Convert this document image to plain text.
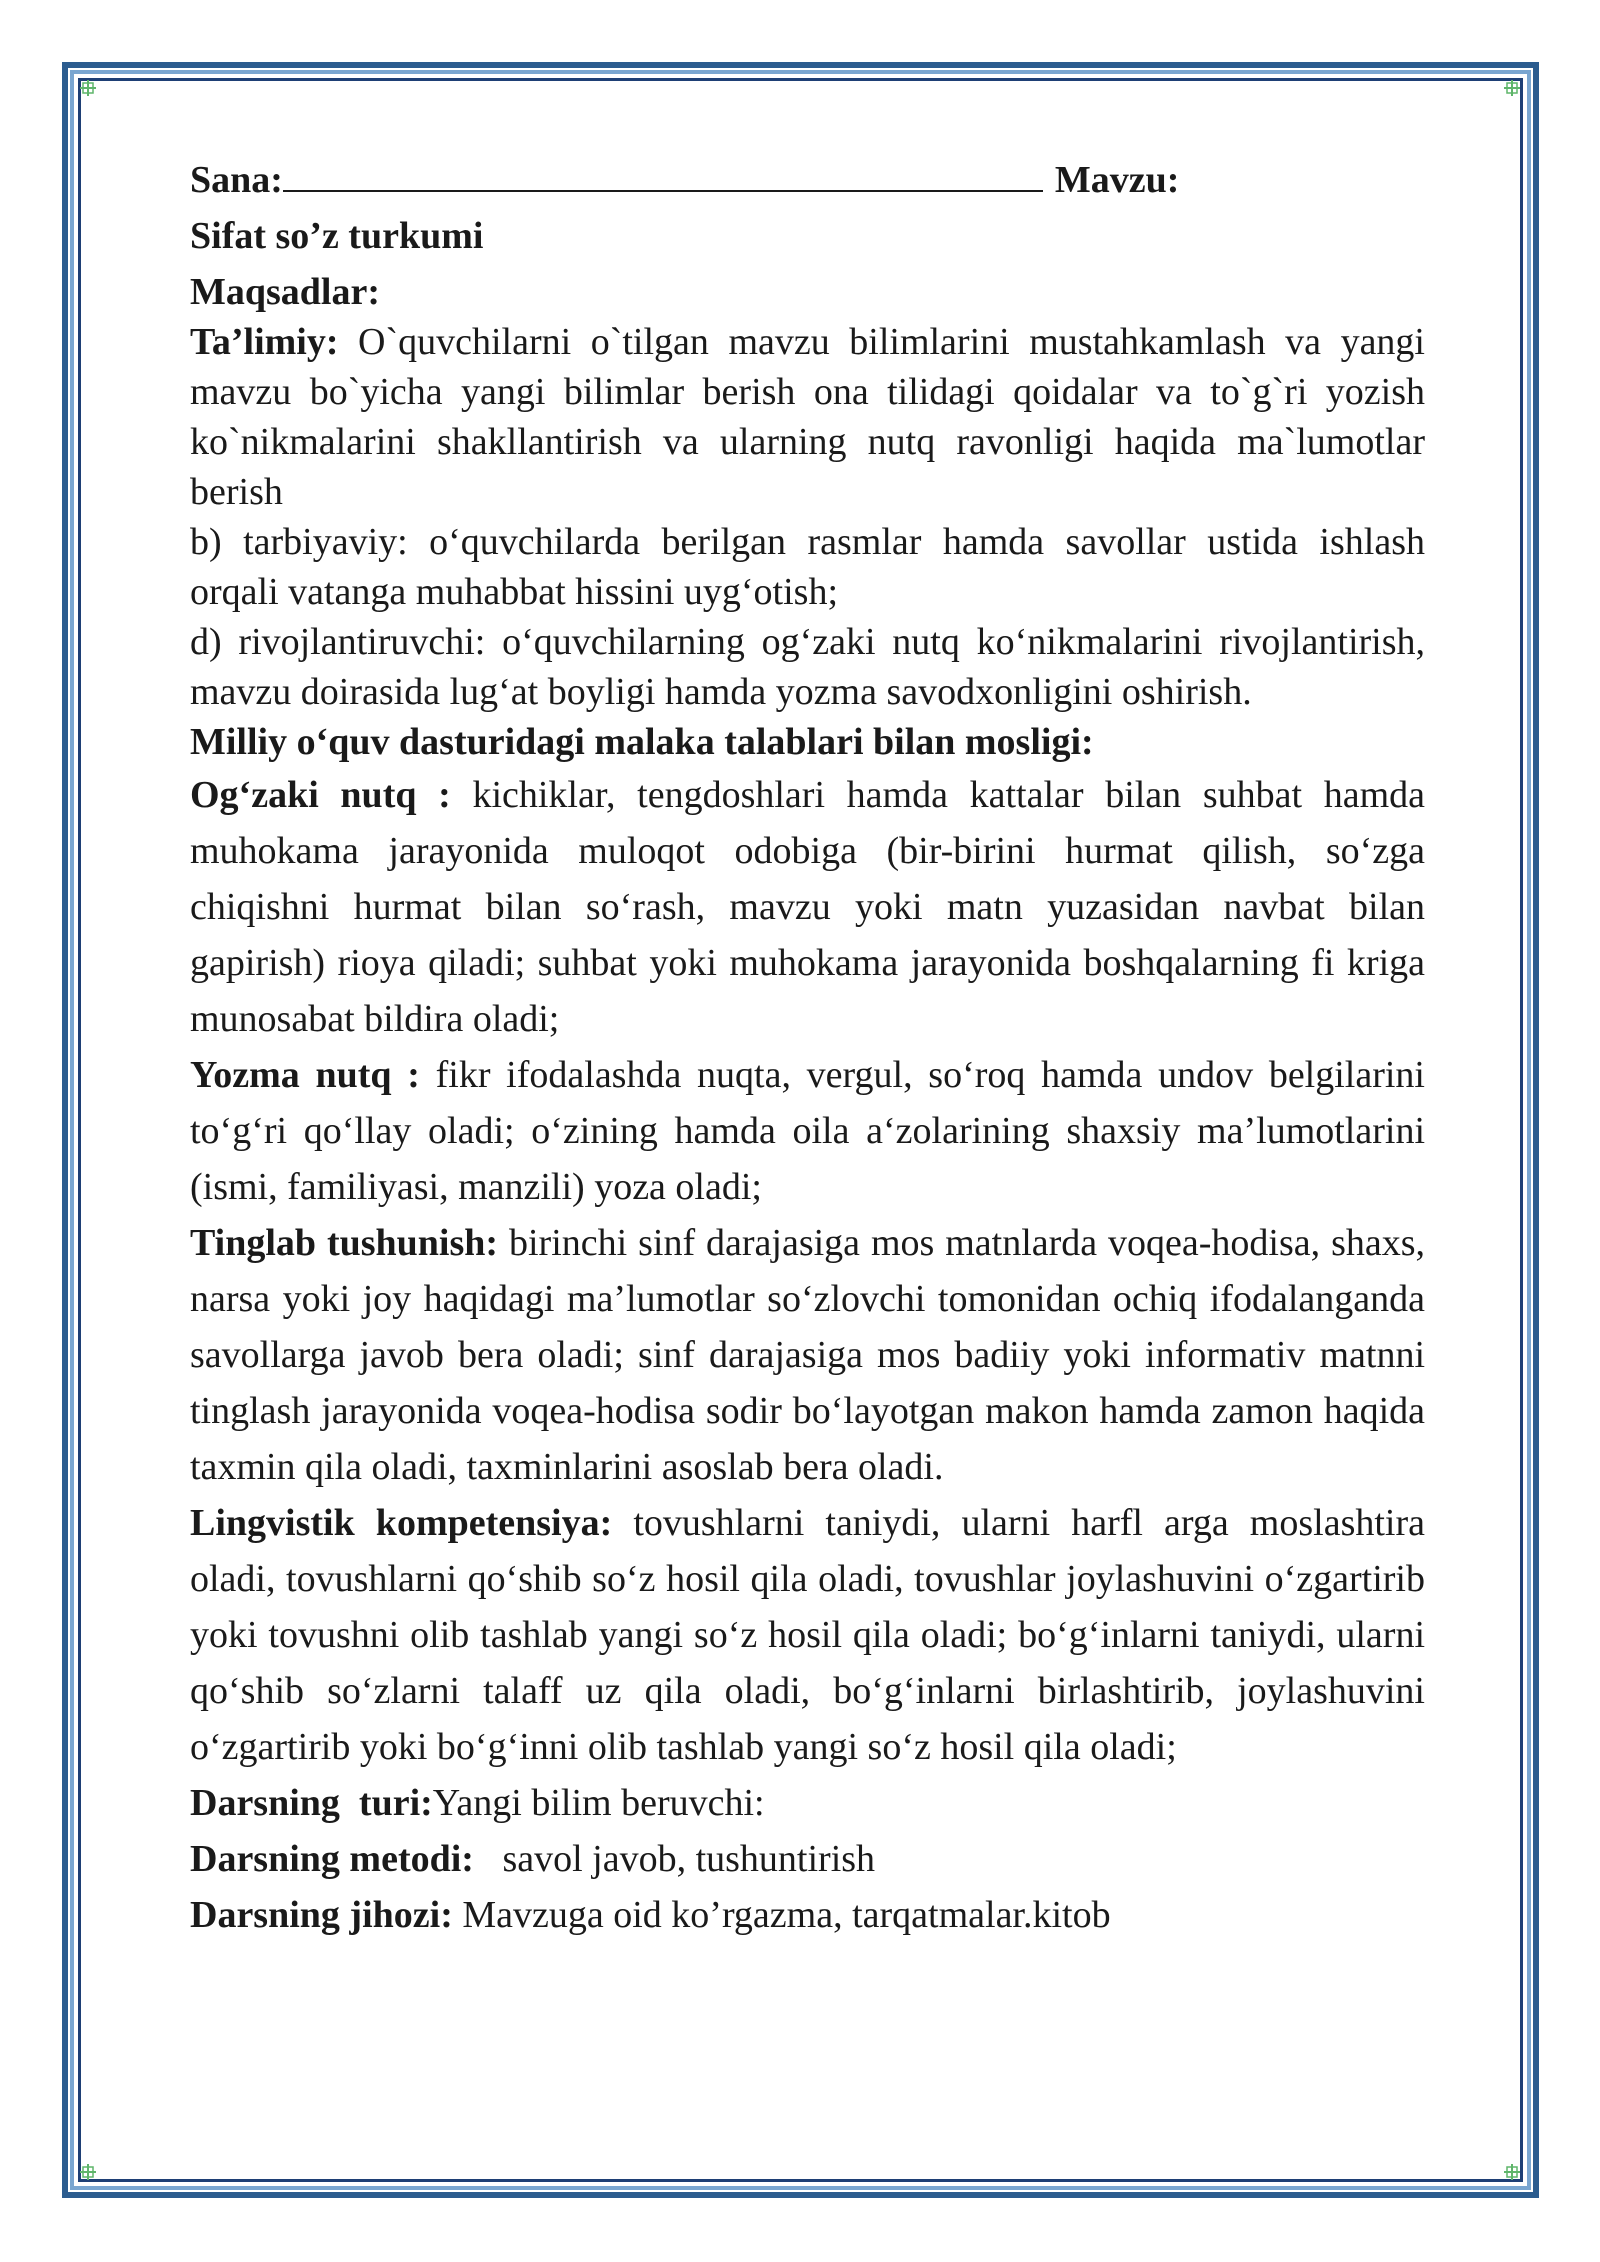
Sana:	Mavzu:

Sifat so’z turkumi

Maqsadlar:

Ta’limiy: O`quvchilarni o`tilgan mavzu bilimlarini mustahkamlash va yangi mavzu bo`yicha yangi bilimlar berish ona tilidagi qoidalar va to`g`ri yozish ko`nikmalarini shakllantirish va ularning nutq ravonligi haqida ma`lumotlar berish

b) tarbiyaviy: o‘quvchilarda berilgan rasmlar hamda savollar ustida ishlash orqali vatanga muhabbat hissini uyg‘otish;

d) rivojlantiruvchi: o‘quvchilarning og‘zaki nutq ko‘nikmalarini rivojlantirish, mavzu doirasida lug‘at boyligi hamda yozma savodxonligini oshirish.

Milliy o‘quv dasturidagi malaka talablari bilan mosligi:

Og‘zaki nutq : kichiklar, tengdoshlari hamda kattalar bilan suhbat hamda muhokama jarayonida muloqot odobiga (bir-birini hurmat qilish, so‘zga chiqishni hurmat bilan so‘rash, mavzu yoki matn yuzasidan navbat bilan gapirish) rioya qiladi; suhbat yoki muhokama jarayonida boshqalarning fi kriga munosabat bildira oladi;

Yozma nutq : fikr ifodalashda nuqta, vergul, so‘roq hamda undov belgilarini to‘g‘ri qo‘llay oladi; o‘zining hamda oila a‘zolarining shaxsiy ma’lumotlarini (ismi, familiyasi, manzili) yoza oladi;

Tinglab tushunish: birinchi sinf darajasiga mos matnlarda voqea-hodisa, shaxs, narsa yoki joy haqidagi ma’lumotlar so‘zlovchi tomonidan ochiq ifodalanganda savollarga javob bera oladi; sinf darajasiga mos badiiy yoki informativ matnni tinglash jarayonida voqea-hodisa sodir bo‘layotgan makon hamda zamon haqida taxmin qila oladi, taxminlarini asoslab bera oladi.

Lingvistik kompetensiya: tovushlarni taniydi, ularni harfl arga moslashtira oladi, tovushlarni qo‘shib so‘z hosil qila oladi, tovushlar joylashuvini o‘zgartirib yoki tovushni olib tashlab yangi so‘z hosil qila oladi; bo‘g‘inlarni taniydi, ularni qo‘shib so‘zlarni talaff uz qila oladi, bo‘g‘inlarni birlashtirib, joylashuvini o‘zgartirib yoki bo‘g‘inni olib tashlab yangi so‘z hosil qila oladi;

Darsning  turi:Yangi bilim beruvchi:

Darsning metodi:   savol javob, tushuntirish

Darsning jihozi: Mavzuga oid ko’rgazma, tarqatmalar.kitob
